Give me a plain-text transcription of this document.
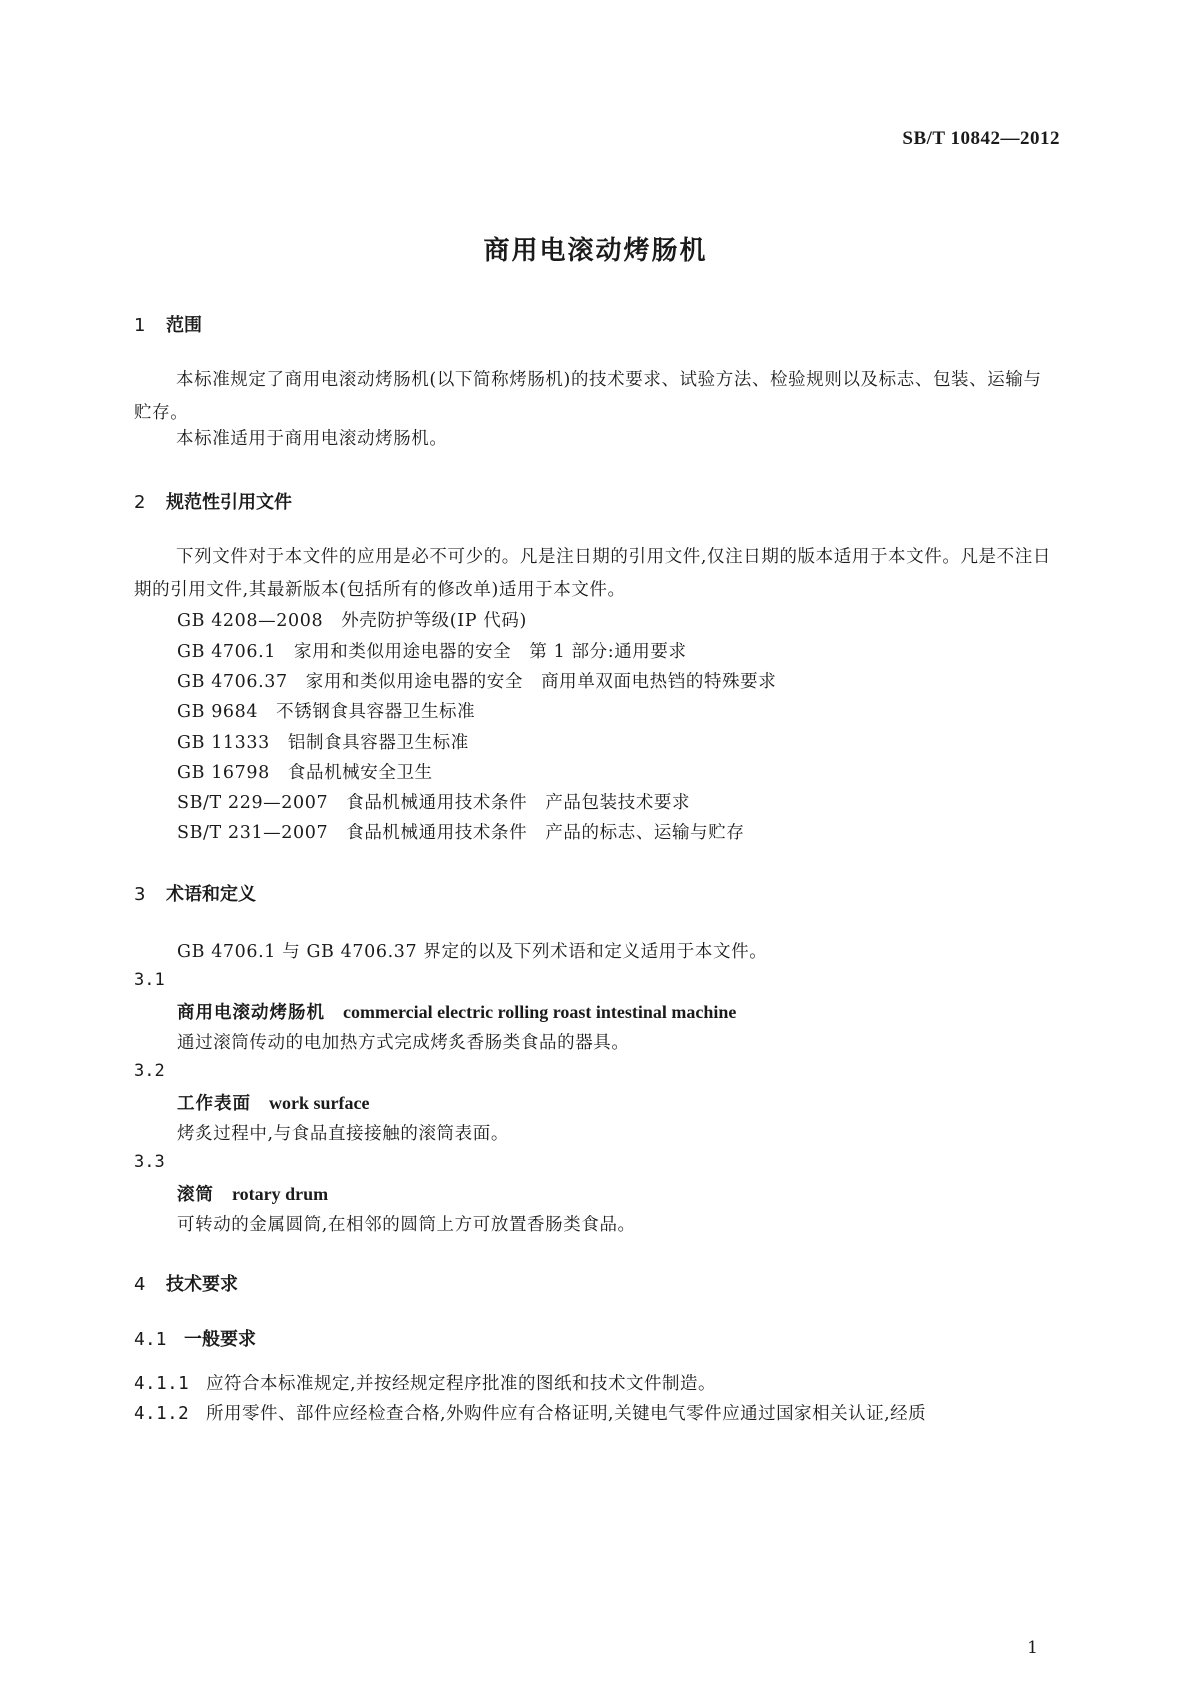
SB/T 10842—2012
商用电滚动烤肠机
1 范围
本标准规定了商用电滚动烤肠机(以下简称烤肠机)的技术要求、试验方法、检验规则以及标志、包装、运输与贮存。
本标准适用于商用电滚动烤肠机。
2 规范性引用文件
下列文件对于本文件的应用是必不可少的。凡是注日期的引用文件,仅注日期的版本适用于本文件。凡是不注日期的引用文件,其最新版本(包括所有的修改单)适用于本文件。
GB 4208—2008 外壳防护等级(IP 代码)
GB 4706.1 家用和类似用途电器的安全　第 1 部分:通用要求
GB 4706.37 家用和类似用途电器的安全　商用单双面电热铛的特殊要求
GB 9684 不锈钢食具容器卫生标准
GB 11333 铝制食具容器卫生标准
GB 16798 食品机械安全卫生
SB/T 229—2007 食品机械通用技术条件　产品包装技术要求
SB/T 231—2007 食品机械通用技术条件　产品的标志、运输与贮存
3 术语和定义
GB 4706.1 与 GB 4706.37 界定的以及下列术语和定义适用于本文件。
3.1
商用电滚动烤肠机 commercial electric rolling roast intestinal machine
通过滚筒传动的电加热方式完成烤炙香肠类食品的器具。
3.2
工作表面 work surface
烤炙过程中,与食品直接接触的滚筒表面。
3.3
滚筒 rotary drum
可转动的金属圆筒,在相邻的圆筒上方可放置香肠类食品。
4 技术要求
4.1 一般要求
4.1.1 应符合本标准规定,并按经规定程序批准的图纸和技术文件制造。
4.1.2 所用零件、部件应经检查合格,外购件应有合格证明,关键电气零件应通过国家相关认证,经质
1
